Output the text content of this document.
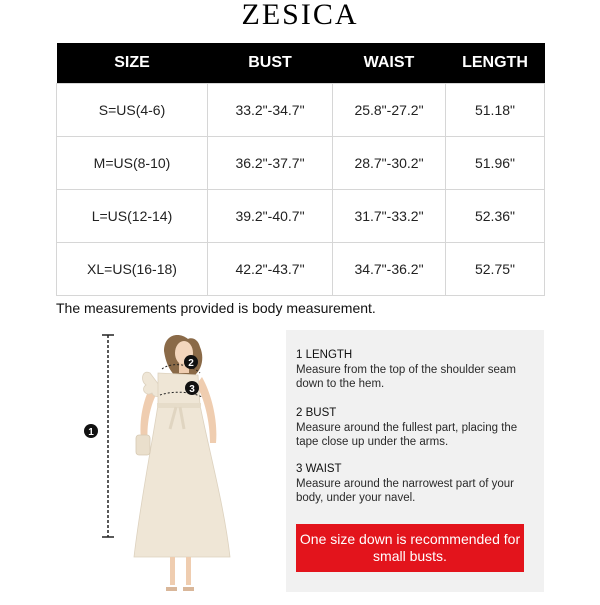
ZESICA
SIZE	BUST	WAIST	LENGTH
S=US(4-6)	33.2"-34.7"	25.8"-27.2"	51.18"
M=US(8-10)	36.2"-37.7"	28.7"-30.2"	51.96"
L=US(12-14)	39.2"-40.7"	31.7"-33.2"	52.36"
XL=US(16-18)	42.2"-43.7"	34.7"-36.2"	52.75"
The measurements provided is body measurement.
1
2
3
1 LENGTH
Measure from the top of the shoulder seam down to the hem.
2 BUST
Measure around the fullest part, placing the tape close up under the arms.
3 WAIST
Measure around the narrowest part of your body, under your navel.
One size down is recommended for small busts.
